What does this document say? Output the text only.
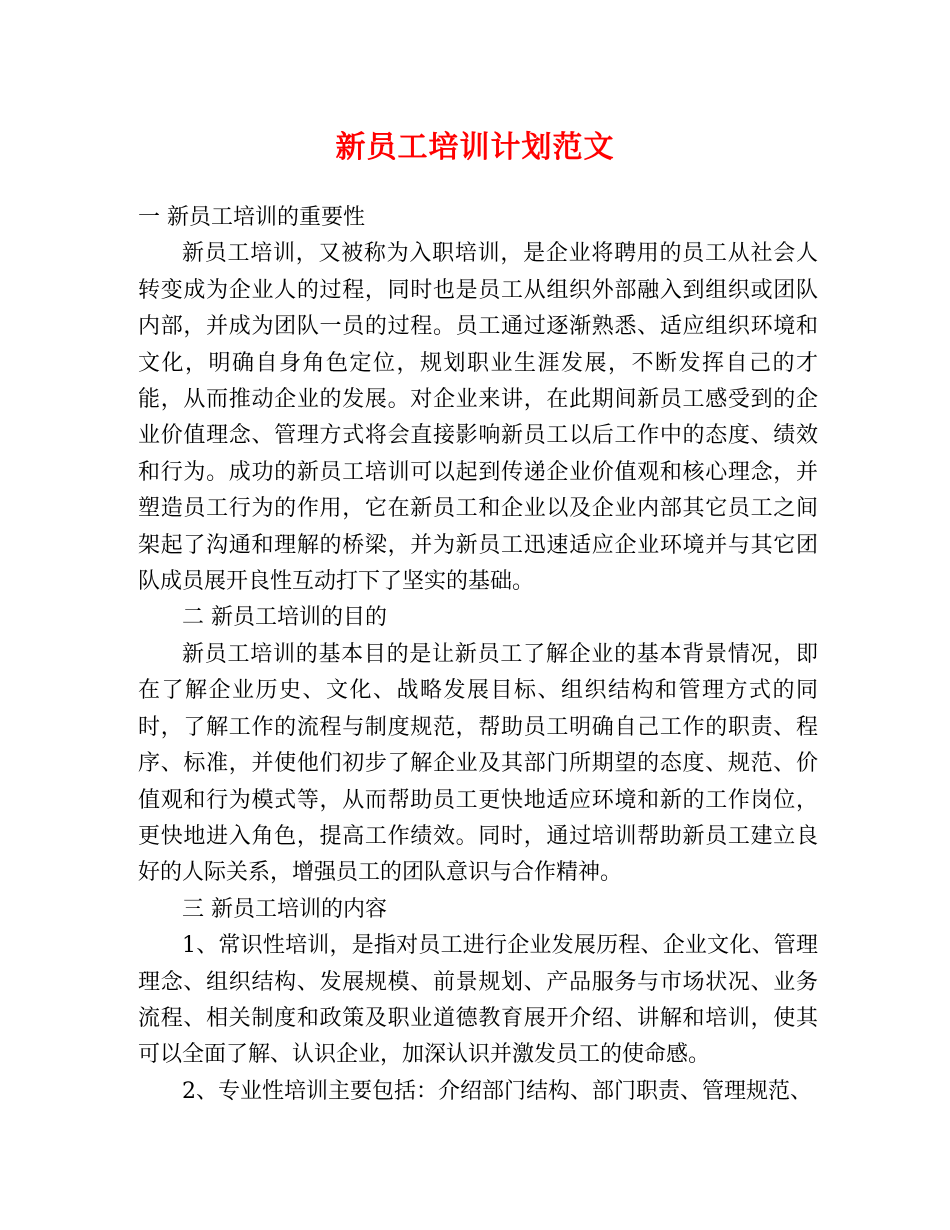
新员工培训计划范文

一 新员工培训的重要性

新员工培训，又被称为入职培训，是企业将聘用的员工从社会人转变成为企业人的过程，同时也是员工从组织外部融入到组织或团队内部，并成为团队一员的过程。员工通过逐渐熟悉、适应组织环境和文化，明确自身角色定位，规划职业生涯发展，不断发挥自己的才能，从而推动企业的发展。对企业来讲，在此期间新员工感受到的企业价值理念、管理方式将会直接影响新员工以后工作中的态度、绩效和行为。成功的新员工培训可以起到传递企业价值观和核心理念，并塑造员工行为的作用，它在新员工和企业以及企业内部其它员工之间架起了沟通和理解的桥梁，并为新员工迅速适应企业环境并与其它团队成员展开良性互动打下了坚实的基础。

二 新员工培训的目的

新员工培训的基本目的是让新员工了解企业的基本背景情况，即在了解企业历史、文化、战略发展目标、组织结构和管理方式的同时，了解工作的流程与制度规范，帮助员工明确自己工作的职责、程序、标准，并使他们初步了解企业及其部门所期望的态度、规范、价值观和行为模式等，从而帮助员工更快地适应环境和新的工作岗位，更快地进入角色，提高工作绩效。同时，通过培训帮助新员工建立良好的人际关系，增强员工的团队意识与合作精神。

三 新员工培训的内容

1、常识性培训，是指对员工进行企业发展历程、企业文化、管理理念、组织结构、发展规模、前景规划、产品服务与市场状况、业务流程、相关制度和政策及职业道德教育展开介绍、讲解和培训，使其可以全面了解、认识企业，加深认识并激发员工的使命感。

2、专业性培训主要包括：介绍部门结构、部门职责、管理规范、
